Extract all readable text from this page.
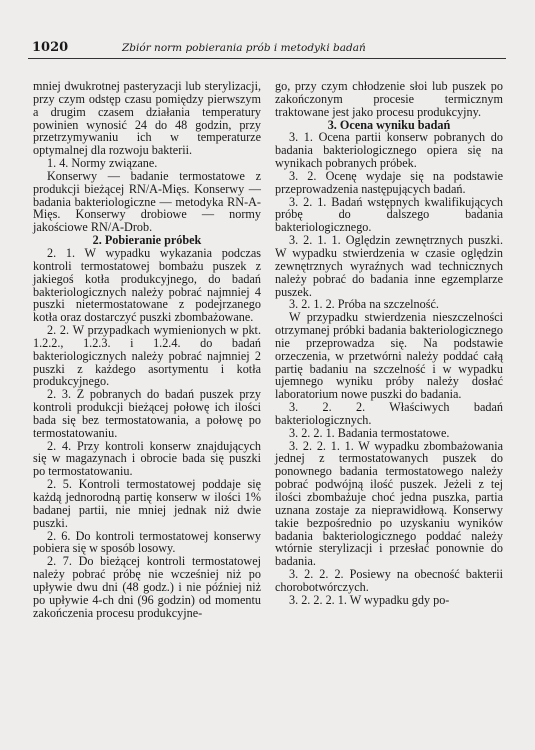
1020	Zbiór norm pobierania prób i metodyki badań

mniej dwukrotnej pasteryzacji lub sterylizacji, przy czym odstęp czasu pomiędzy pierwszym a drugim czasem działania temperatury powinien wynosić 24 do 48 godzin, przy przetrzymywaniu ich w temperaturze optymalnej dla rozwoju bakterii.

1. 4. Normy związane.

Konserwy — badanie termostatowe z produkcji bieżącej RN/A-Mięs. Konserwy — badania bakteriologiczne — metodyka RN-A-Mięs. Konserwy drobiowe — normy jakościowe RN/A-Drob.

2. Pobieranie próbek

2. 1. W wypadku wykazania podczas kontroli termostatowej bombażu puszek z jakiegoś kotła produkcyjnego, do badań bakteriologicznych należy pobrać najmniej 4 puszki nietermostatowane z podejrzanego kotła oraz dostarczyć puszki zbombażowane.

2. 2. W przypadkach wymienionych w pkt. 1.2.2., 1.2.3. i 1.2.4. do badań bakteriologicznych należy pobrać najmniej 2 puszki z każdego asortymentu i kotła produkcyjnego.

2. 3. Z pobranych do badań puszek przy kontroli produkcji bieżącej połowę ich ilości bada się bez termostatowania, a połowę po termostatowaniu.

2. 4. Przy kontroli konserw znajdujących się w magazynach i obrocie bada się puszki po termostatowaniu.

2. 5. Kontroli termostatowej poddaje się każdą jednorodną partię konserw w ilości 1% badanej partii, nie mniej jednak niż dwie puszki.

2. 6. Do kontroli termostatowej konserwy pobiera się w sposób losowy.

2. 7. Do bieżącej kontroli termostatowej należy pobrać próbę nie wcześniej niż po upływie dwu dni (48 godz.) i nie później niż po upływie 4-ch dni (96 godzin) od momentu zakończenia procesu produkcyjne-

go, przy czym chłodzenie słoi lub puszek po zakończonym procesie termicznym traktowane jest jako procesu produkcyjny.

3. Ocena wyniku badań

3. 1. Ocena partii konserw pobranych do badania bakteriologicznego opiera się na wynikach pobranych próbek.

3. 2. Ocenę wydaje się na podstawie przeprowadzenia następujących badań.

3. 2. 1. Badań wstępnych kwalifikujących próbę do dalszego badania bakteriologicznego.

3. 2. 1. 1. Oględzin zewnętrznych puszki. W wypadku stwierdzenia w czasie oględzin zewnętrznych wyraźnych wad technicznych należy pobrać do badania inne egzemplarze puszek.

3. 2. 1. 2. Próba na szczelność.

W przypadku stwierdzenia nieszczelności otrzymanej próbki badania bakteriologicznego nie przeprowadza się. Na podstawie orzeczenia, w przetwórni należy poddać całą partię badaniu na szczelność i w wypadku ujemnego wyniku próby należy dosłać laboratorium nowe puszki do badania.

3. 2. 2. Właściwych badań bakteriologicznych.

3. 2. 2. 1. Badania termostatowe.

3. 2. 2. 1. 1. W wypadku zbombażowania jednej z termostatowanych puszek do ponownego badania termostatowego należy pobrać podwójną ilość puszek. Jeżeli z tej ilości zbombażuje choć jedna puszka, partia uznana zostaje za nieprawidłową. Konserwy takie bezpośrednio po uzyskaniu wyników badania bakteriologicznego poddać należy wtórnie sterylizacji i przesłać ponownie do badania.

3. 2. 2. 2. Posiewy na obecność bakterii chorobotwórczych.

3. 2. 2. 2. 1. W wypadku gdy po-
